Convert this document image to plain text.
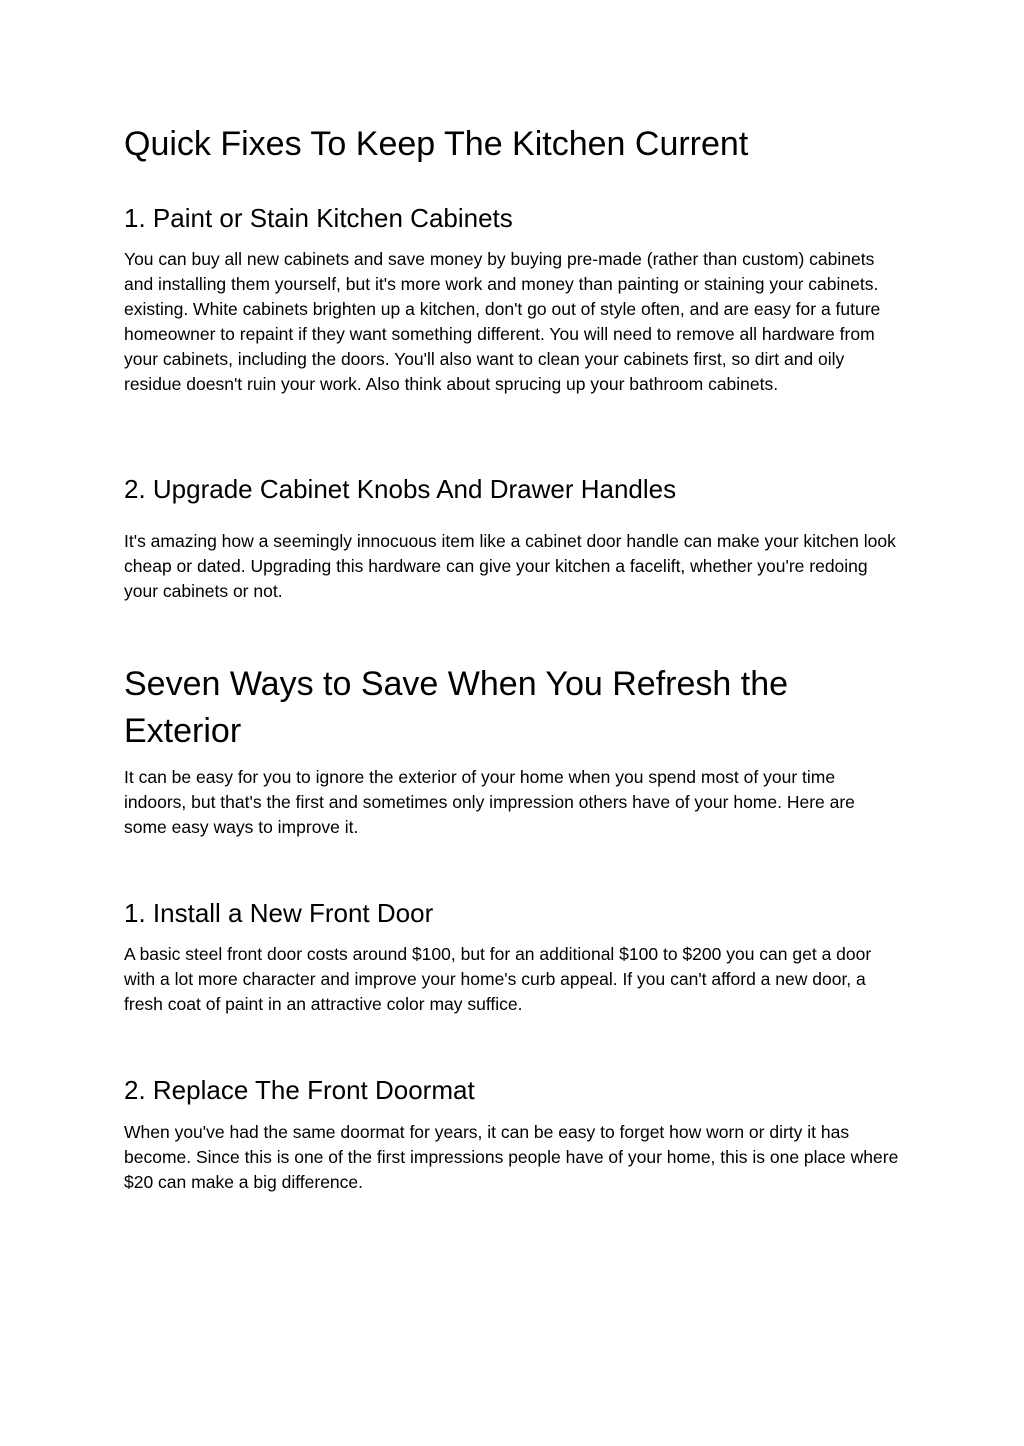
Quick Fixes To Keep The Kitchen Current
1. Paint or Stain Kitchen Cabinets

You can buy all new cabinets and save money by buying pre-made (rather than custom) cabinets and installing them yourself, but it's more work and money than painting or staining your cabinets. existing. White cabinets brighten up a kitchen, don't go out of style often, and are easy for a future homeowner to repaint if they want something different. You will need to remove all hardware from your cabinets, including the doors. You'll also want to clean your cabinets first, so dirt and oily residue doesn't ruin your work. Also think about sprucing up your bathroom cabinets.

2. Upgrade Cabinet Knobs And Drawer Handles

It's amazing how a seemingly innocuous item like a cabinet door handle can make your kitchen look cheap or dated. Upgrading this hardware can give your kitchen a facelift, whether you're redoing your cabinets or not.

Seven Ways to Save When You Refresh the Exterior

It can be easy for you to ignore the exterior of your home when you spend most of your time indoors, but that's the first and sometimes only impression others have of your home. Here are some easy ways to improve it.

1. Install a New Front Door

A basic steel front door costs around $100, but for an additional $100 to $200 you can get a door with a lot more character and improve your home's curb appeal. If you can't afford a new door, a fresh coat of paint in an attractive color may suffice.

2. Replace The Front Doormat

When you've had the same doormat for years, it can be easy to forget how worn or dirty it has become. Since this is one of the first impressions people have of your home, this is one place where $20 can make a big difference.
